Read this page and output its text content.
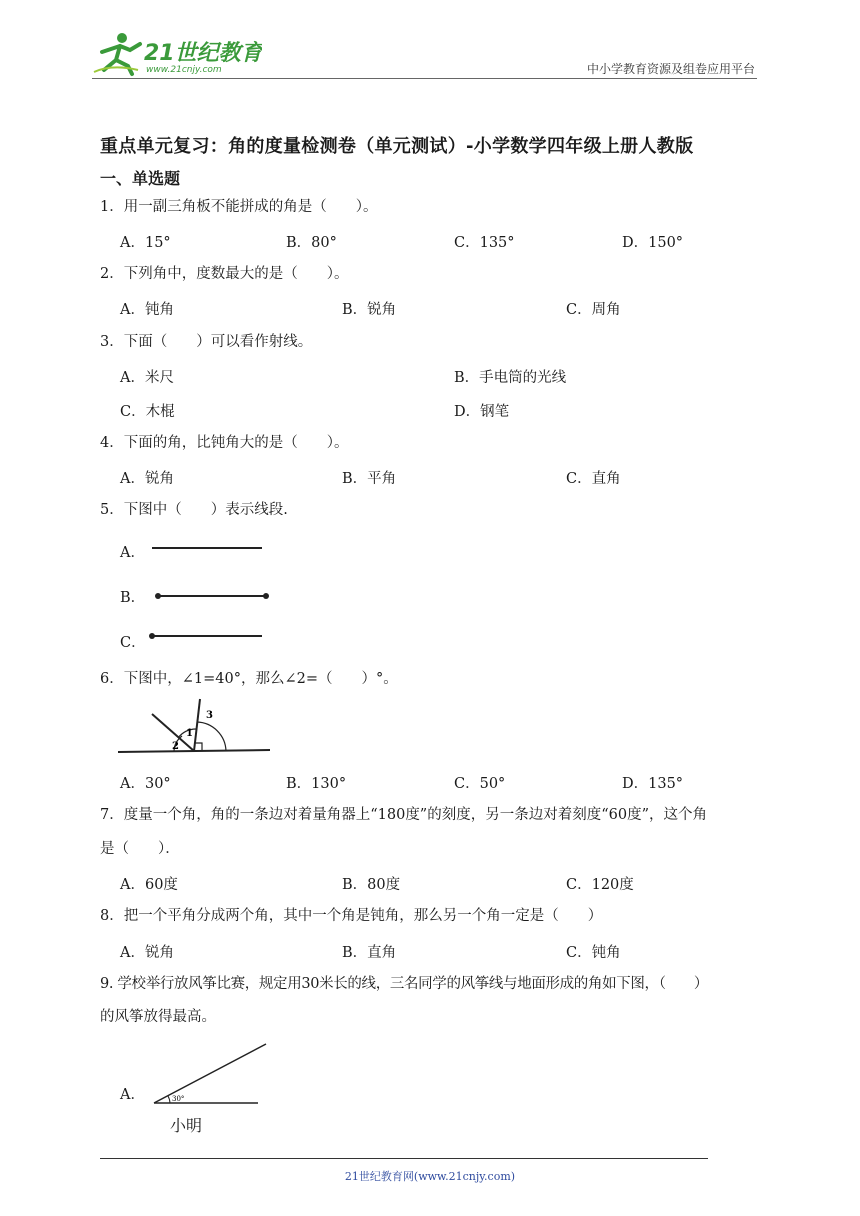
21世纪教育
www.21cnjy.com	中小学教育资源及组卷应用平台
重点单元复习：角的度量检测卷（单元测试）-小学数学四年级上册人教版
一、单选题
1．用一副三角板不能拼成的角是（　　）。
A．15°	B．80°	C．135°	D．150°
2．下列角中，度数最大的是（　　）。
A．钝角	B．锐角	C．周角
3．下面（　　）可以看作射线。
A．米尺	B．手电筒的光线
C．木棍	D．钢笔
4．下面的角，比钝角大的是（　　）。
A．锐角	B．平角	C．直角
5．下图中（　　）表示线段.
A．
B．
C．
6．下图中，∠1=40°，那么∠2=（　　）°。
1
2
3
A．30°	B．130°	C．50°	D．135°
7．度量一个角，角的一条边对着量角器上“180度”的刻度，另一条边对着刻度“60度”，这个角
是（　　）．
A．60度	B．80度	C．120度
8．把一个平角分成两个角，其中一个角是钝角，那么另一个角一定是（　　）
A．锐角	B．直角	C．钝角
9. 学校举行放风筝比赛，规定用30米长的线，三名同学的风筝线与地面形成的角如下图，（　　）
的风筝放得最高。
A．	30°
小明
21世纪教育网(www.21cnjy.com)
